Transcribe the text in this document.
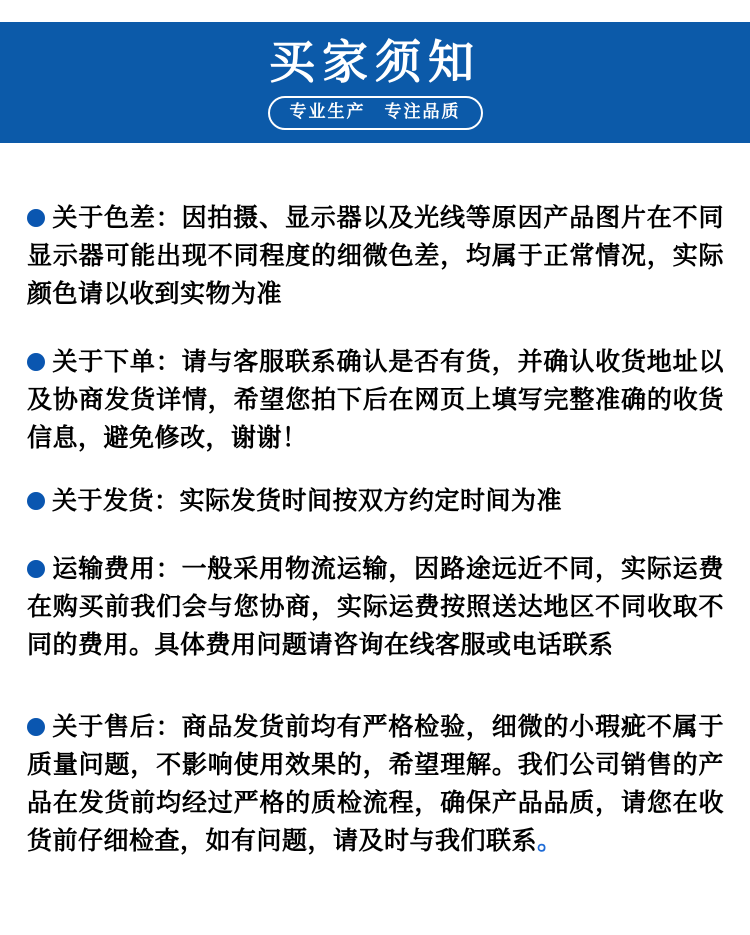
买家须知
专业生产　专注品质

关于色差：因拍摄、显示器以及光线等原因产品图片在不同显示器可能出现不同程度的细微色差，均属于正常情况，实际颜色请以收到实物为准

关于下单：请与客服联系确认是否有货，并确认收货地址以及协商发货详情，希望您拍下后在网页上填写完整准确的收货信息，避免修改，谢谢！

关于发货：实际发货时间按双方约定时间为准

运输费用：一般采用物流运输，因路途远近不同，实际运费在购买前我们会与您协商，实际运费按照送达地区不同收取不同的费用。具体费用问题请咨询在线客服或电话联系

关于售后：商品发货前均有严格检验，细微的小瑕疵不属于质量问题，不影响使用效果的，希望理解。我们公司销售的产品在发货前均经过严格的质检流程，确保产品品质，请您在收货前仔细检查，如有问题，请及时与我们联系。
